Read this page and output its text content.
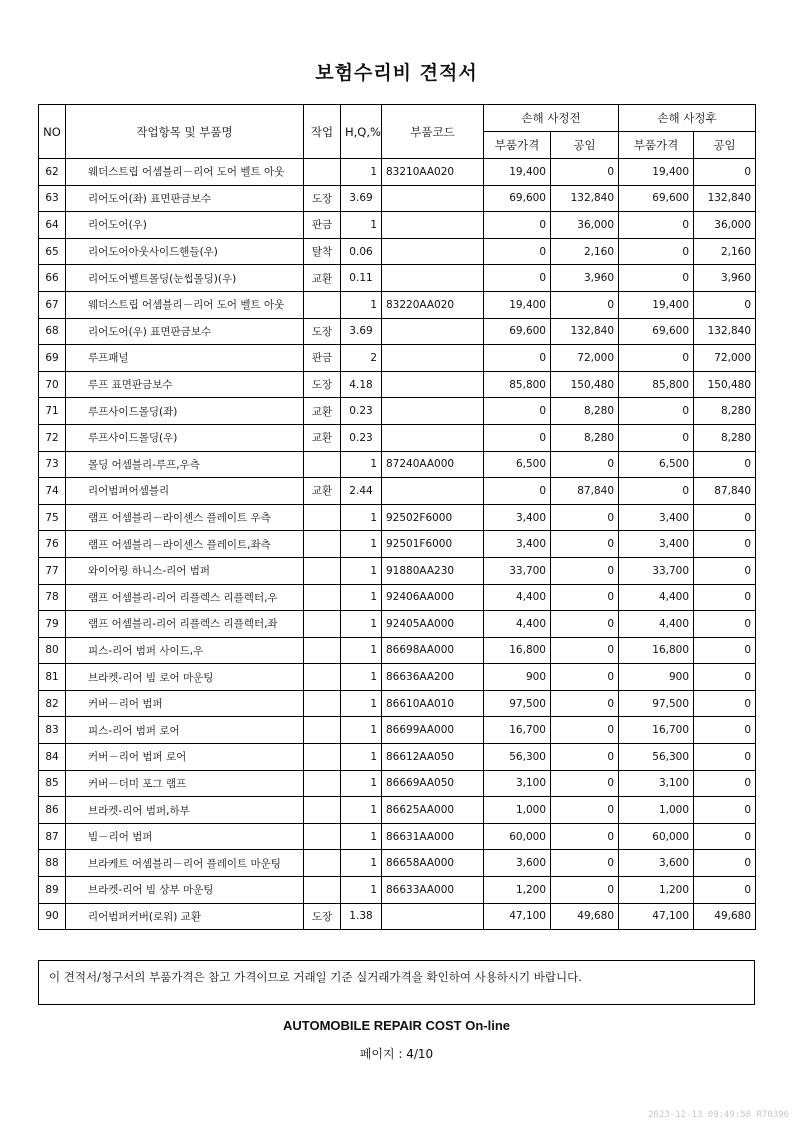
보험수리비 견적서
NO	작업항목 및 부품명	작업	H,Q,%	부품코드	손해 사정전		손해 사정후	
					부품가격	공임	부품가격	공임
62	웨더스트립 어셈블리－리어 도어 벨트 아웃		1	83210AA020	19,400	0	19,400	0
63	리어도어(좌) 표면판금보수	도장	3.69		69,600	132,840	69,600	132,840
64	리어도어(우)	판금	1		0	36,000	0	36,000
65	리어도어아웃사이드핸들(우)	탈착	0.06		0	2,160	0	2,160
66	리어도어벨트몰딩(눈썹몰딩)(우)	교환	0.11		0	3,960	0	3,960
67	웨더스트립 어셈블리－리어 도어 벨트 아웃		1	83220AA020	19,400	0	19,400	0
68	리어도어(우) 표면판금보수	도장	3.69		69,600	132,840	69,600	132,840
69	루프패널	판금	2		0	72,000	0	72,000
70	루프 표면판금보수	도장	4.18		85,800	150,480	85,800	150,480
71	루프사이드몰딩(좌)	교환	0.23		0	8,280	0	8,280
72	루프사이드몰딩(우)	교환	0.23		0	8,280	0	8,280
73	몰딩 어셈블리-루프,우측		1	87240AA000	6,500	0	6,500	0
74	리어범퍼어셈블리	교환	2.44		0	87,840	0	87,840
75	램프 어셈블리－라이센스 플레이트 우측		1	92502F6000	3,400	0	3,400	0
76	램프 어셈블리－라이센스 플레이트,좌측		1	92501F6000	3,400	0	3,400	0
77	와이어링 하니스-리어 범퍼		1	91880AA230	33,700	0	33,700	0
78	램프 어셈블리-리어 리플렉스 리플렉터,우		1	92406AA000	4,400	0	4,400	0
79	램프 어셈블리-리어 리플렉스 리플렉터,좌		1	92405AA000	4,400	0	4,400	0
80	피스-리어 범퍼 사이드,우		1	86698AA000	16,800	0	16,800	0
81	브라켓-리어 빔 로어 마운팅		1	86636AA200	900	0	900	0
82	커버－리어 범퍼		1	86610AA010	97,500	0	97,500	0
83	피스-리어 범퍼 로어		1	86699AA000	16,700	0	16,700	0
84	커버－리어 범퍼 로어		1	86612AA050	56,300	0	56,300	0
85	커버－더미 포그 램프		1	86669AA050	3,100	0	3,100	0
86	브라켓-리어 범퍼,하부		1	86625AA000	1,000	0	1,000	0
87	빔－리어 범퍼		1	86631AA000	60,000	0	60,000	0
88	브라케트 어셈블리－리어 플레이트 마운팅		1	86658AA000	3,600	0	3,600	0
89	브라켓-리어 빔 상부 마운팅		1	86633AA000	1,200	0	1,200	0
90	리어범퍼커버(로워) 교환	도장	1.38		47,100	49,680	47,100	49,680
이 견적서/청구서의 부품가격은 참고 가격이므로 거래일 기준 실거래가격을 확인하여 사용하시기 바랍니다.
AUTOMOBILE REPAIR COST On-line
페이지 : 4/10
2023-12-13 09:49:58 R70396
